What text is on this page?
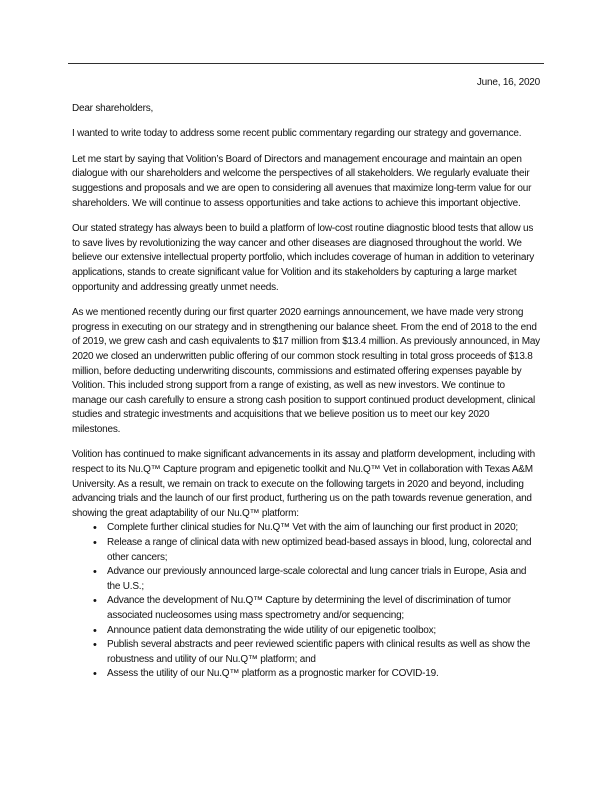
June, 16, 2020

Dear shareholders,

I wanted to write today to address some recent public commentary regarding our strategy and governance.

Let me start by saying that Volition’s Board of Directors and management encourage and maintain an open dialogue with our shareholders and welcome the perspectives of all stakeholders. We regularly evaluate their suggestions and proposals and we are open to considering all avenues that maximize long-term value for our shareholders. We will continue to assess opportunities and take actions to achieve this important objective.

Our stated strategy has always been to build a platform of low-cost routine diagnostic blood tests that allow us to save lives by revolutionizing the way cancer and other diseases are diagnosed throughout the world. We believe our extensive intellectual property portfolio, which includes coverage of human in addition to veterinary applications, stands to create significant value for Volition and its stakeholders by capturing a large market opportunity and addressing greatly unmet needs.

As we mentioned recently during our first quarter 2020 earnings announcement, we have made very strong progress in executing on our strategy and in strengthening our balance sheet. From the end of 2018 to the end of 2019, we grew cash and cash equivalents to $17 million from $13.4 million. As previously announced, in May 2020 we closed an underwritten public offering of our common stock resulting in total gross proceeds of $13.8 million, before deducting underwriting discounts, commissions and estimated offering expenses payable by Volition. This included strong support from a range of existing, as well as new investors. We continue to manage our cash carefully to ensure a strong cash position to support continued product development, clinical studies and strategic investments and acquisitions that we believe position us to meet our key 2020 milestones.

Volition has continued to make significant advancements in its assay and platform development, including with respect to its Nu.Q™ Capture program and epigenetic toolkit and Nu.Q™ Vet in collaboration with Texas A&M University. As a result, we remain on track to execute on the following targets in 2020 and beyond, including advancing trials and the launch of our first product, furthering us on the path towards revenue generation, and showing the great adaptability of our Nu.Q™ platform:

• Complete further clinical studies for Nu.Q™ Vet with the aim of launching our first product in 2020;
• Release a range of clinical data with new optimized bead-based assays in blood, lung, colorectal and other cancers;
• Advance our previously announced large-scale colorectal and lung cancer trials in Europe, Asia and the U.S.;
• Advance the development of Nu.Q™ Capture by determining the level of discrimination of tumor associated nucleosomes using mass spectrometry and/or sequencing;
• Announce patient data demonstrating the wide utility of our epigenetic toolbox;
• Publish several abstracts and peer reviewed scientific papers with clinical results as well as show the robustness and utility of our Nu.Q™ platform; and
• Assess the utility of our Nu.Q™ platform as a prognostic marker for COVID-19.
